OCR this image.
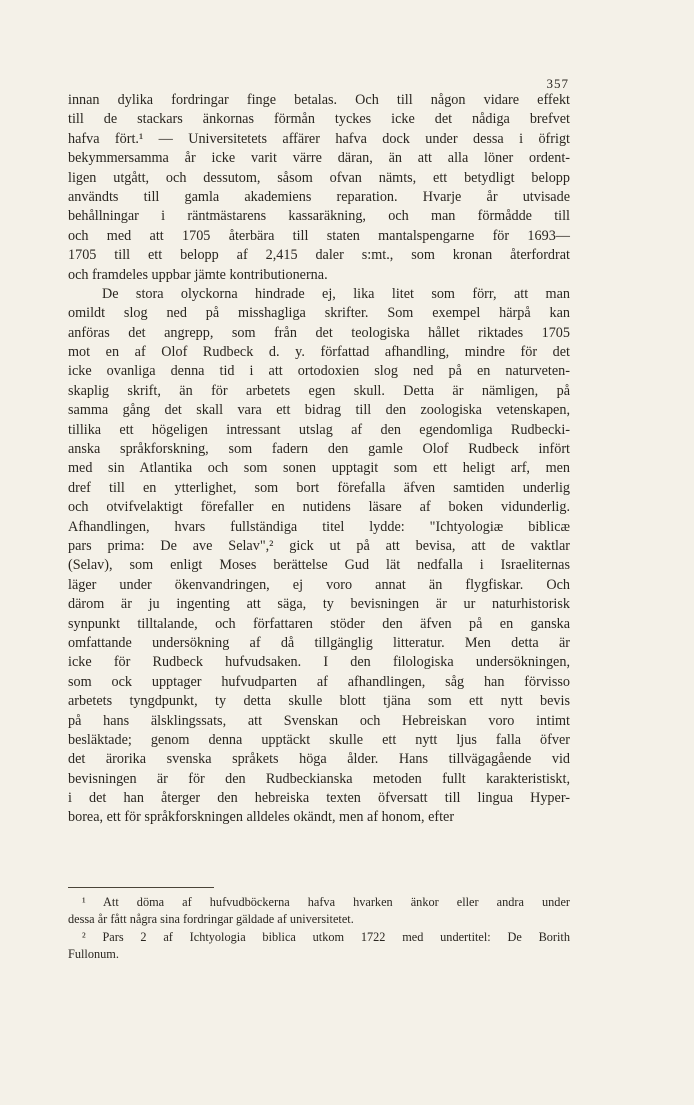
357
innan dylika fordringar finge betalas. Och till någon vidare effekt
till de stackars änkornas förmån tyckes icke det nådiga brefvet
hafva fört.¹ — Universitetets affärer hafva dock under dessa i öfrigt
bekymmersamma år icke varit värre däran, än att alla löner ordent-
ligen utgått, och dessutom, såsom ofvan nämts, ett betydligt belopp
användts till gamla akademiens reparation. Hvarje år utvisade
behållningar i räntmästarens kassaräkning, och man förmådde till
och med att 1705 återbära till staten mantalspengarne för 1693—
1705 till ett belopp af 2,415 daler s:mt., som kronan återfordrat
och framdeles uppbar jämte kontributionerna.
De stora olyckorna hindrade ej, lika litet som förr, att man
omildt slog ned på misshagliga skrifter. Som exempel härpå kan
anföras det angrepp, som från det teologiska hållet riktades 1705
mot en af Olof Rudbeck d. y. författad afhandling, mindre för det
icke ovanliga denna tid i att ortodoxien slog ned på en naturveten-
skaplig skrift, än för arbetets egen skull. Detta är nämligen, på
samma gång det skall vara ett bidrag till den zoologiska vetenskapen,
tillika ett högeligen intressant utslag af den egendomliga Rudbecki-
anska språkforskning, som fadern den gamle Olof Rudbeck infört
med sin Atlantika och som sonen upptagit som ett heligt arf, men
dref till en ytterlighet, som bort förefalla äfven samtiden underlig
och otvifvelaktigt förefaller en nutidens läsare af boken vidunderlig.
Afhandlingen, hvars fullständiga titel lydde: "Ichtyologiæ biblicæ
pars prima: De ave Selav",² gick ut på att bevisa, att de vaktlar
(Selav), som enligt Moses berättelse Gud lät nedfalla i Israeliternas
läger under ökenvandringen, ej voro annat än flygfiskar. Och
därom är ju ingenting att säga, ty bevisningen är ur naturhistorisk
synpunkt tilltalande, och författaren stöder den äfven på en ganska
omfattande undersökning af då tillgänglig litteratur. Men detta är
icke för Rudbeck hufvudsaken. I den filologiska undersökningen,
som ock upptager hufvudparten af afhandlingen, såg han förvisso
arbetets tyngdpunkt, ty detta skulle blott tjäna som ett nytt bevis
på hans älsklingssats, att Svenskan och Hebreiskan voro intimt
besläktade; genom denna upptäckt skulle ett nytt ljus falla öfver
det ärorika svenska språkets höga ålder. Hans tillvägagående vid
bevisningen är för den Rudbeckianska metoden fullt karakteristiskt,
i det han återger den hebreiska texten öfversatt till lingua Hyper-
borea, ett för språkforskningen alldeles okändt, men af honom, efter
¹ Att döma af hufvudböckerna hafva hvarken änkor eller andra under
dessa år fått några sina fordringar gäldade af universitetet.
² Pars 2 af Ichtyologia biblica utkom 1722 med undertitel: De Borith
Fullonum.
